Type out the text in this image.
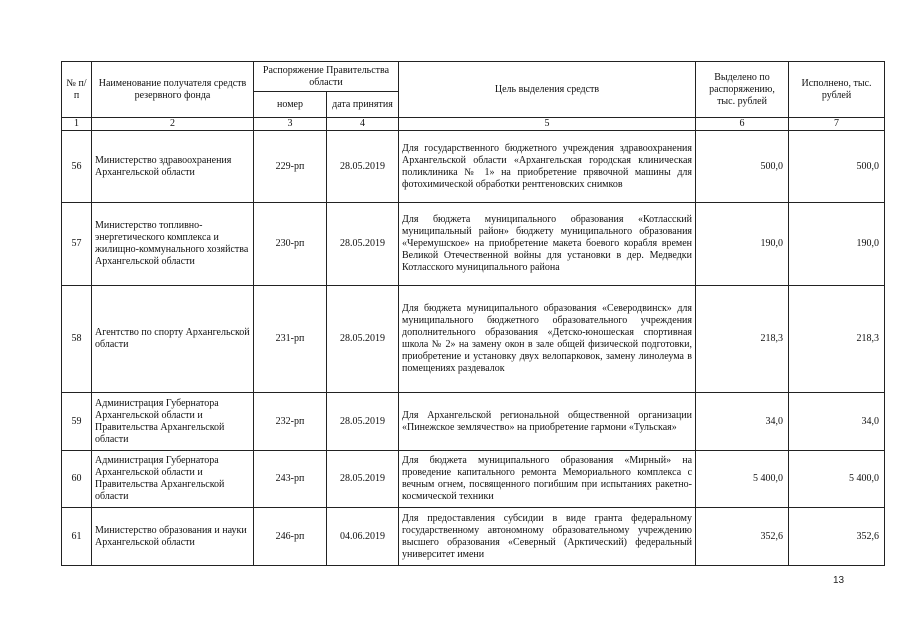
№ п/п	Наименование получателя средств резервного фонда	Распоряжение Правительства области		Цель выделения средств	Выделено по распоряжению, тыс. рублей	Исполнено, тыс. рублей
		номер	дата принятия			
1	2	3	4	5	6	7
56	Министерство здравоохранения Архангельской области	229-рп	28.05.2019	Для государственного бюджетного учреждения здравоохранения Архангельской области «Архангельская городская клиническая поликлиника № 1» на приобретение прявочной машины для фотохимической обработки рентгеновских снимков	500,0	500,0
57	Министерство топливно-энергетического комплекса и жилищно-коммунального хозяйства Архангельской области	230-рп	28.05.2019	Для бюджета муниципального образования «Котласский муниципальный район» бюджету муниципального образования «Черемушское» на приобретение макета боевого корабля времен Великой Отечественной войны для установки в дер. Медведки Котласского муниципального района	190,0	190,0
58	Агентство по спорту Архангельской области	231-рп	28.05.2019	Для бюджета муниципального образования «Северодвинск» для муниципального бюджетного образовательного учреждения дополнительного образования «Детско-юношеская спортивная школа № 2» на замену окон в зале общей физической подготовки, приобретение и установку двух велопарковок, замену линолеума в помещениях раздевалок	218,3	218,3
59	Администрация Губернатора Архангельской области и Правительства Архангельской области	232-рп	28.05.2019	Для Архангельской региональной общественной организации «Пинежское землячество» на приобретение гармони «Тульская»	34,0	34,0
60	Администрация Губернатора Архангельской области и Правительства Архангельской области	243-рп	28.05.2019	Для бюджета муниципального образования «Мирный» на проведение капитального ремонта Мемориального комплекса с вечным огнем, посвященного погибшим при испытаниях ракетно-космической техники	5 400,0	5 400,0
61	Министерство образования и науки Архангельской области	246-рп	04.06.2019	Для предоставления субсидии в виде гранта федеральному государственному автономному образовательному учреждению высшего образования «Северный (Арктический) федеральный университет имени	352,6	352,6
13
